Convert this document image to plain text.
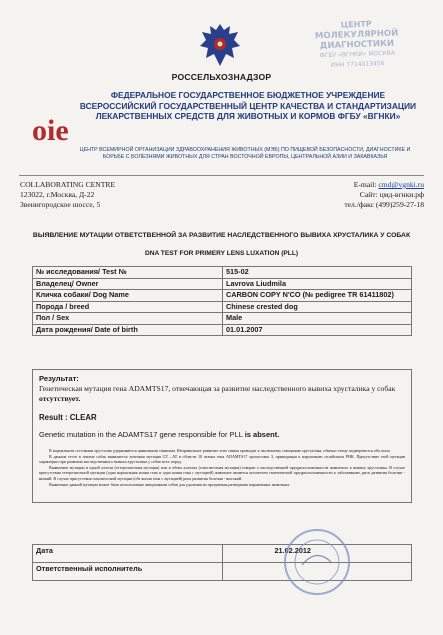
ЦЕНТР
МОЛЕКУЛЯРНОЙ
ДИАГНОСТИКИ
ФГБУ «ВГНКИ» МОСКВА
ИНН 7714013456
РОССЕЛЬХОЗНАДЗОР
ФЕДЕРАЛЬНОЕ ГОСУДАРСТВЕННОЕ БЮДЖЕТНОЕ УЧРЕЖДЕНИЕ ВСЕРОССИЙСКИЙ ГОСУДАРСТВЕННЫЙ ЦЕНТР КАЧЕСТВА И СТАНДАРТИЗАЦИИ ЛЕКАРСТВЕННЫХ СРЕДСТВ ДЛЯ ЖИВОТНЫХ И КОРМОВ ФГБУ «ВГНКИ»
oie
ЦЕНТР ВСЕМИРНОЙ ОРГАНИЗАЦИИ ЗДРАВООХРАНЕНИЯ ЖИВОТНЫХ (МЭБ) ПО ПИЩЕВОЙ БЕЗОПАСНОСТИ, ДИАГНОСТИКЕ И БОРЬБЕ С БОЛЕЗНЯМИ ЖИВОТНЫХ ДЛЯ СТРАН ВОСТОЧНОЙ ЕВРОПЫ, ЦЕНТРАЛЬНОЙ АЗИИ И ЗАКАВКАЗЬЯ
COLLABORATING CENTRE
123022, г.Москва, Д-22
Звенигородское шоссе, 5
E-mail: cmd@vgnki.ru
Сайт: цмд-вгнки.рф
тел./факс (499)259-27-18
ВЫЯВЛЕНИЕ МУТАЦИИ ОТВЕТСТВЕННОЙ ЗА РАЗВИТИЕ НАСЛЕДСТВЕННОГО ВЫВИХА ХРУСТАЛИКА У СОБАК
DNA TEST FOR PRIMERY LENS LUXATION (PLL)
№ исследования/ Test №	515-02
Владелец/ Owner	Lavrova Liudmila
Кличка собаки/ Dog Name	CARBON COPY N'CO (№ pedigree TR 61411802)
Порода / breed	Chinese crested dog
Пол / Sex	Male
Дата рождения/ Date of birth	01.01.2007
Результат:
Генетическая мутация гена ADAMTS17, отвечающая за развитие наследственного вывиха хрусталика у собак отсутствует.
Result : CLEAR
Genetic mutation in the ADAMTS17 gene responsible for PLL is absent.
В нормальном состоянии хрусталик удерживается цинновыми связками. Неправильное развитие этих связок приводит к частичному смещению хрусталика, обычно этому подвергаются оба глаза.
В данном тесте в геноме собак выявляется точечная мутация GT→AT в области 10 экзона гена ADAMTS17 хромосомы 3, приводящая к нарушению сплайсинга РНК. Присутствие этой мутации характерно при развитии наследственного вывиха хрусталика у собак всех пород.
Выявление мутации в одной аллели (гетерозиготная мутация) или в обеих аллелях (гомозиготная мутация) говорит о наследственной предрасположенности животного к вывиху хрусталика. В случае присутствия гетерозиготной мутации (одна нормальная копия гена и одна копия гена с мутацией) животное является носителем генетической предрасположенности к заболеванию, риск развития болезни - низкий. В случае присутствия гомозиготной мутации (обе копии гена с мутацией) риск развития болезни - высокий.
Выявление данной мутации может быть использовано заводчиками собак для удаления из программы разведения пораженных животных.
Дата	21.02.2012
Ответственный исполнитель	
